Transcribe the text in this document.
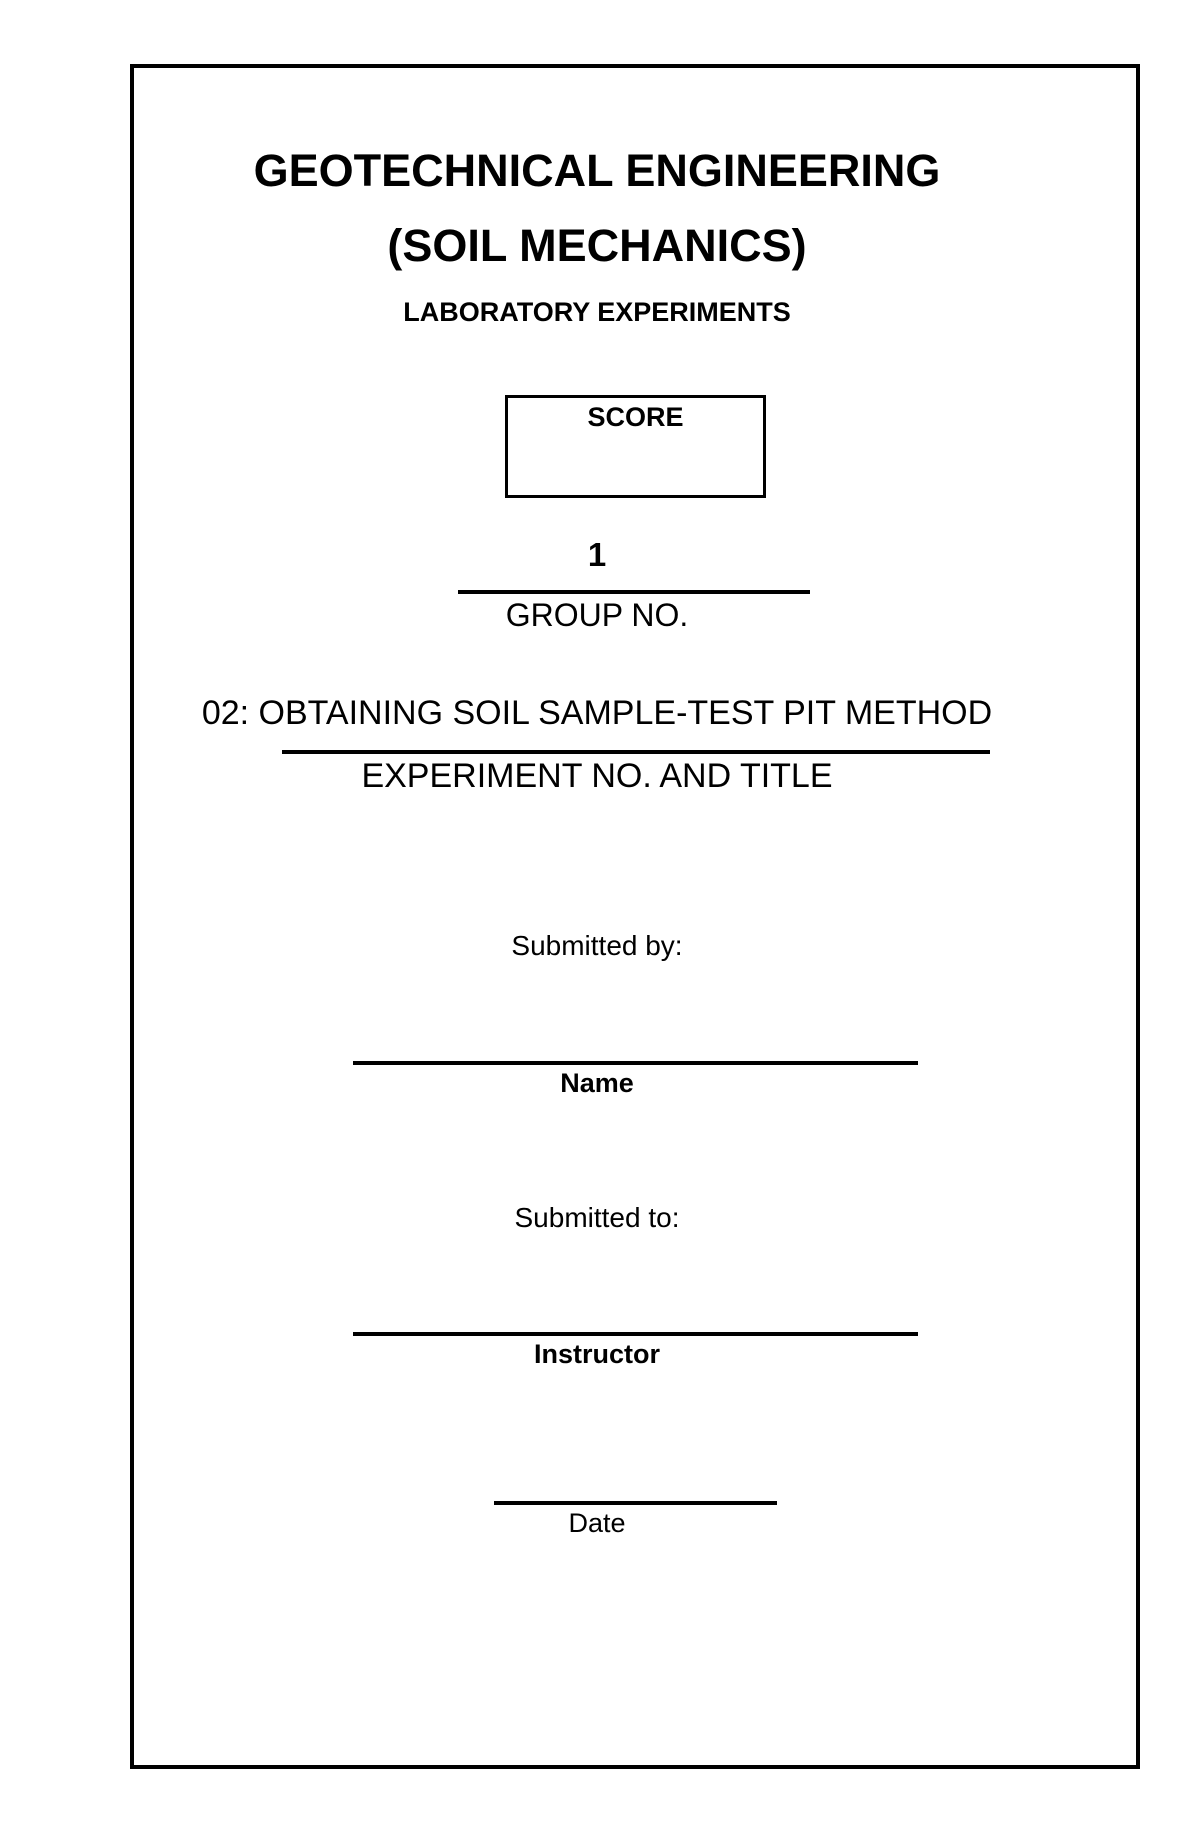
GEOTECHNICAL ENGINEERING
(SOIL MECHANICS)
LABORATORY EXPERIMENTS
SCORE
1
GROUP NO.
02: OBTAINING SOIL SAMPLE-TEST PIT METHOD
EXPERIMENT NO. AND TITLE
Submitted by:
Name
Submitted to:
Instructor
Date
